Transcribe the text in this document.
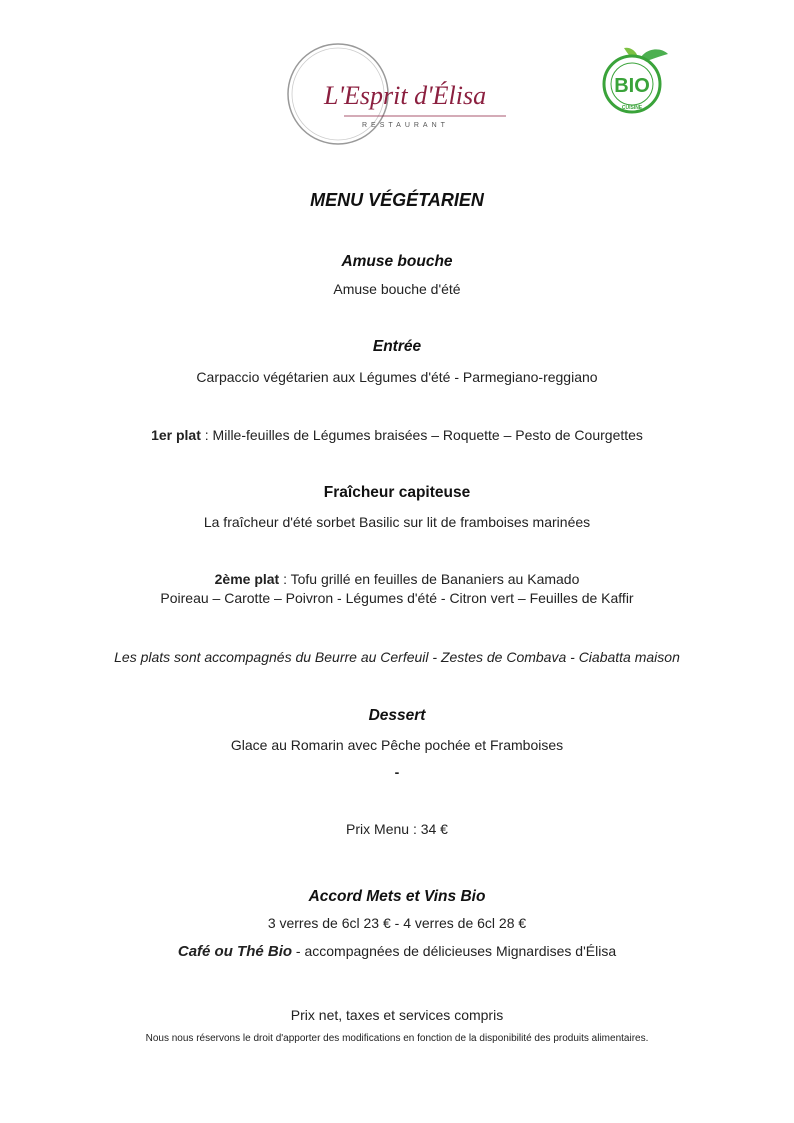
L'Esprit d'Élisa
RESTAURANT
BIO
CUISINE
MENU VÉGÉTARIEN
Amuse bouche
Amuse bouche d'été
Entrée
Carpaccio végétarien aux Légumes d'été - Parmegiano-reggiano
1er plat : Mille-feuilles de Légumes braisées – Roquette – Pesto de Courgettes
Fraîcheur capiteuse
La fraîcheur d'été sorbet Basilic sur lit de framboises marinées
2ème plat : Tofu grillé en feuilles de Bananiers au Kamado
Poireau – Carotte – Poivron - Légumes d'été - Citron vert – Feuilles de Kaffir
Les plats sont accompagnés du Beurre au Cerfeuil - Zestes de Combava - Ciabatta maison
Dessert
Glace au Romarin avec Pêche pochée et Framboises
-
Prix Menu : 34 €
Accord Mets et Vins Bio
3 verres de 6cl 23 € - 4 verres de 6cl 28 €
Café ou Thé Bio - accompagnées de délicieuses Mignardises d'Élisa
Prix net, taxes et services compris
Nous nous réservons le droit d'apporter des modifications en fonction de la disponibilité des produits alimentaires.
